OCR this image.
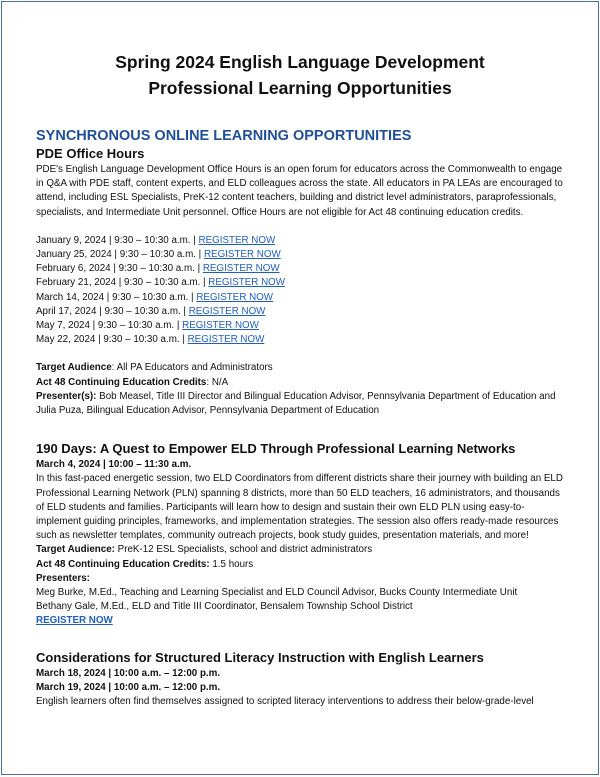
Spring 2024 English Language Development
Professional Learning Opportunities

SYNCHRONOUS ONLINE LEARNING OPPORTUNITIES

PDE Office Hours

PDE's English Language Development Office Hours is an open forum for educators across the Commonwealth to engage in Q&A with PDE staff, content experts, and ELD colleagues across the state. All educators in PA LEAs are encouraged to attend, including ESL Specialists, PreK-12 content teachers, building and district level administrators, paraprofessionals, specialists, and Intermediate Unit personnel. Office Hours are not eligible for Act 48 continuing education credits.

January 9, 2024 | 9:30 – 10:30 a.m. | REGISTER NOW
January 25, 2024 | 9:30 – 10:30 a.m. | REGISTER NOW
February 6, 2024 | 9:30 – 10:30 a.m. | REGISTER NOW
February 21, 2024 | 9:30 – 10:30 a.m. | REGISTER NOW
March 14, 2024 | 9:30 – 10:30 a.m. | REGISTER NOW
April 17, 2024 | 9:30 – 10:30 a.m. | REGISTER NOW
May 7, 2024 | 9:30 – 10:30 a.m. | REGISTER NOW
May 22, 2024 | 9:30 – 10:30 a.m. | REGISTER NOW
Target Audience: All PA Educators and Administrators
Act 48 Continuing Education Credits: N/A
Presenter(s): Bob Measel, Title III Director and Bilingual Education Advisor, Pennsylvania Department of Education and Julia Puza, Bilingual Education Advisor, Pennsylvania Department of Education

190 Days: A Quest to Empower ELD Through Professional Learning Networks

March 4, 2024 | 10:00 – 11:30 a.m.

In this fast-paced energetic session, two ELD Coordinators from different districts share their journey with building an ELD Professional Learning Network (PLN) spanning 8 districts, more than 50 ELD teachers, 16 administrators, and thousands of ELD students and families. Participants will learn how to design and sustain their own ELD PLN using easy-to-implement guiding principles, frameworks, and implementation strategies. The session also offers ready-made resources such as newsletter templates, community outreach projects, book study guides, presentation materials, and more!

Target Audience: PreK-12 ESL Specialists, school and district administrators
Act 48 Continuing Education Credits: 1.5 hours
Presenters:
Meg Burke, M.Ed., Teaching and Learning Specialist and ELD Council Advisor, Bucks County Intermediate Unit
Bethany Gale, M.Ed., ELD and Title III Coordinator, Bensalem Township School District
REGISTER NOW

Considerations for Structured Literacy Instruction with English Learners

March 18, 2024 | 10:00 a.m. – 12:00 p.m.
March 19, 2024 | 10:00 a.m. – 12:00 p.m.

English learners often find themselves assigned to scripted literacy interventions to address their below-grade-level
